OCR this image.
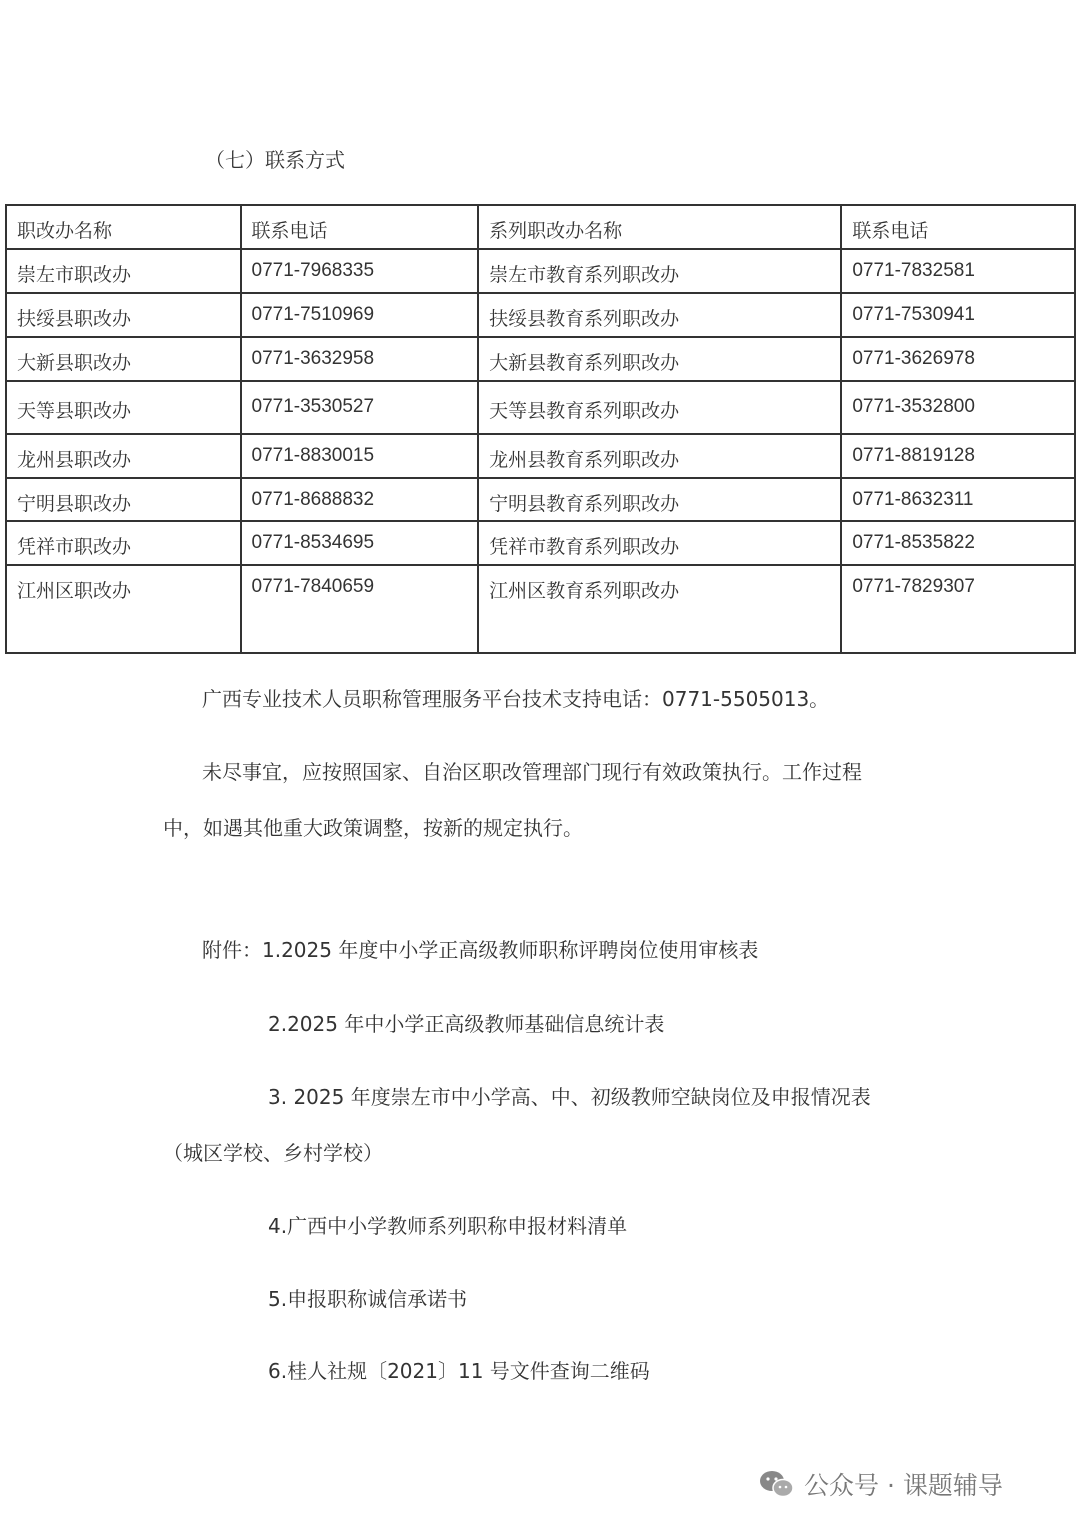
（七）联系方式
职改办名称	联系电话	系列职改办名称	联系电话
崇左市职改办	0771-7968335	崇左市教育系列职改办	0771-7832581
扶绥县职改办	0771-7510969	扶绥县教育系列职改办	0771-7530941
大新县职改办	0771-3632958	大新县教育系列职改办	0771-3626978
天等县职改办	0771-3530527	天等县教育系列职改办	0771-3532800
龙州县职改办	0771-8830015	龙州县教育系列职改办	0771-8819128
宁明县职改办	0771-8688832	宁明县教育系列职改办	0771-8632311
凭祥市职改办	0771-8534695	凭祥市教育系列职改办	0771-8535822
江州区职改办	0771-7840659	江州区教育系列职改办	0771-7829307
广西专业技术人员职称管理服务平台技术支持电话：0771-5505013。
未尽事宜，应按照国家、自治区职改管理部门现行有效政策执行。工作过程
中，如遇其他重大政策调整，按新的规定执行。
附件：1.2025 年度中小学正高级教师职称评聘岗位使用审核表
2.2025 年中小学正高级教师基础信息统计表
3. 2025 年度崇左市中小学高、中、初级教师空缺岗位及申报情况表
（城区学校、乡村学校）
4.广西中小学教师系列职称申报材料清单
5.申报职称诚信承诺书
6.桂人社规〔2021〕11 号文件查询二维码
公众号 · 课题辅导
